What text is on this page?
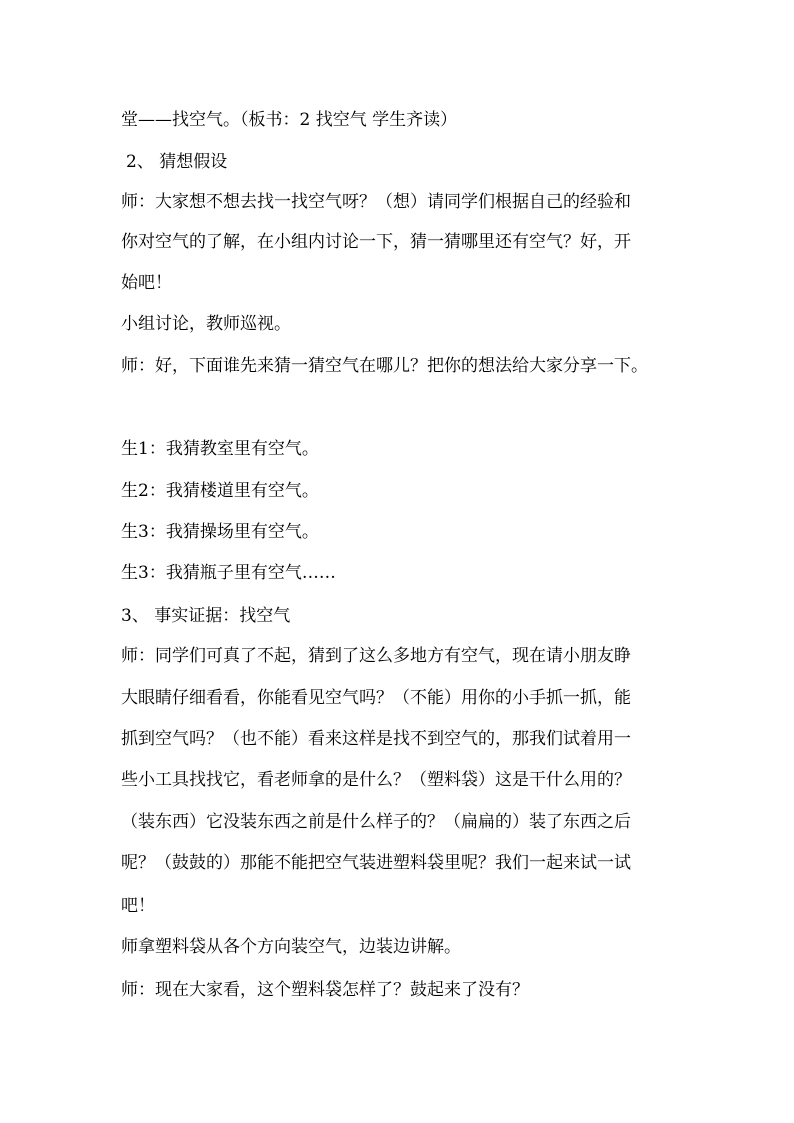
堂——找空气。（板书：2 找空气 学生齐读）
2、 猜想假设
师：大家想不想去找一找空气呀？（想）请同学们根据自己的经验和
你对空气的了解，在小组内讨论一下，猜一猜哪里还有空气？好，开
始吧！
小组讨论，教师巡视。
师：好，下面谁先来猜一猜空气在哪儿？把你的想法给大家分享一下。
生1：我猜教室里有空气。
生2：我猜楼道里有空气。
生3：我猜操场里有空气。
生3：我猜瓶子里有空气……
3、 事实证据：找空气
师：同学们可真了不起，猜到了这么多地方有空气，现在请小朋友睁
大眼睛仔细看看，你能看见空气吗？（不能）用你的小手抓一抓，能
抓到空气吗？（也不能）看来这样是找不到空气的，那我们试着用一
些小工具找找它，看老师拿的是什么？（塑料袋）这是干什么用的？
（装东西）它没装东西之前是什么样子的？（扁扁的）装了东西之后
呢？（鼓鼓的）那能不能把空气装进塑料袋里呢？我们一起来试一试
吧！
师拿塑料袋从各个方向装空气，边装边讲解。
师：现在大家看，这个塑料袋怎样了？鼓起来了没有？
